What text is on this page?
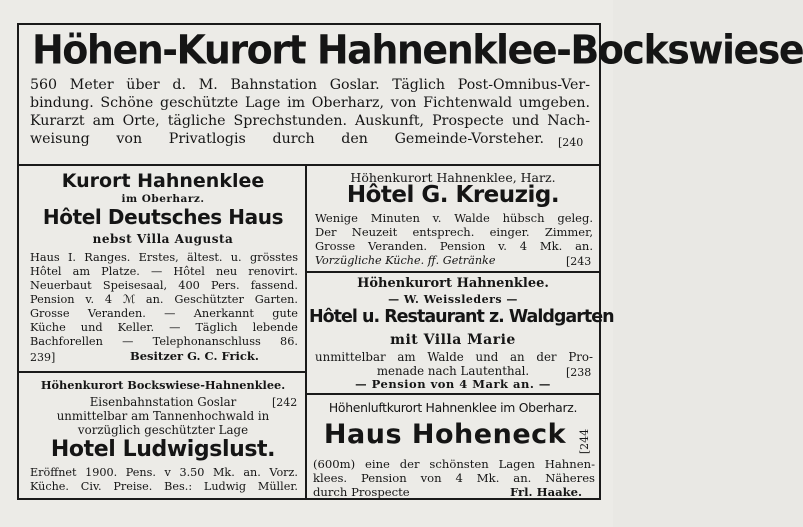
Höhen-Kurort Hahnenklee-Bockswiese
560 Meter über d. M. Bahnstation Goslar. Täglich Post-Omnibus-Ver-
bindung. Schöne geschützte Lage im Oberharz, von Fichtenwald umgeben.
Kurarzt am Orte, tägliche Sprechstunden. Auskunft, Prospecte und Nach-
weisung von Privatlogis durch den Gemeinde-Vorsteher. [240
Kurort Hahnenklee
im Oberharz.
Hôtel Deutsches Haus
nebst Villa Augusta
Haus I. Ranges. Erstes, ältest. u. grösstes
Hôtel am Platze. — Hôtel neu renovirt.
Neuerbaut Speisesaal, 400 Pers. fassend.
Pension v. 4 ℳ an. Geschützter Garten.
Grosse Veranden. — Anerkannt gute
Küche und Keller. — Täglich lebende
Bachforellen — Telephonanschluss 86.
239]	Besitzer G. C. Frick.
Höhenkurort Hahnenklee, Harz.
Hôtel G. Kreuzig.
Wenige Minuten v. Walde hübsch geleg.
Der Neuzeit entsprech. einger. Zimmer,
Grosse Veranden. Pension v. 4 Mk. an.
Vorzügliche Küche. ff. Getränke	[243
Höhenkurort Hahnenklee.
— W. Weissleders —
Hôtel u. Restaurant z. Waldgarten
mit Villa Marie
unmittelbar am Walde und an der Pro-
menade nach Lautenthal.	[238
— Pension von 4 Mark an. —
Höhenkurort Bockswiese-Hahnenklee.
Eisenbahnstation Goslar	[242
unmittelbar am Tannenhochwald in
vorzüglich geschützter Lage
Hotel Ludwigslust.
Eröffnet 1900. Pens. v 3.50 Mk. an. Vorz.
Küche. Civ. Preise. Bes.: Ludwig Müller.
Höhenluftkurort Hahnenklee im Oberharz.
Haus Hoheneck	[244
(600m) eine der schönsten Lagen Hahnen-
klees. Pension von 4 Mk. an. Näheres
durch Prospecte	Frl. Haake.
